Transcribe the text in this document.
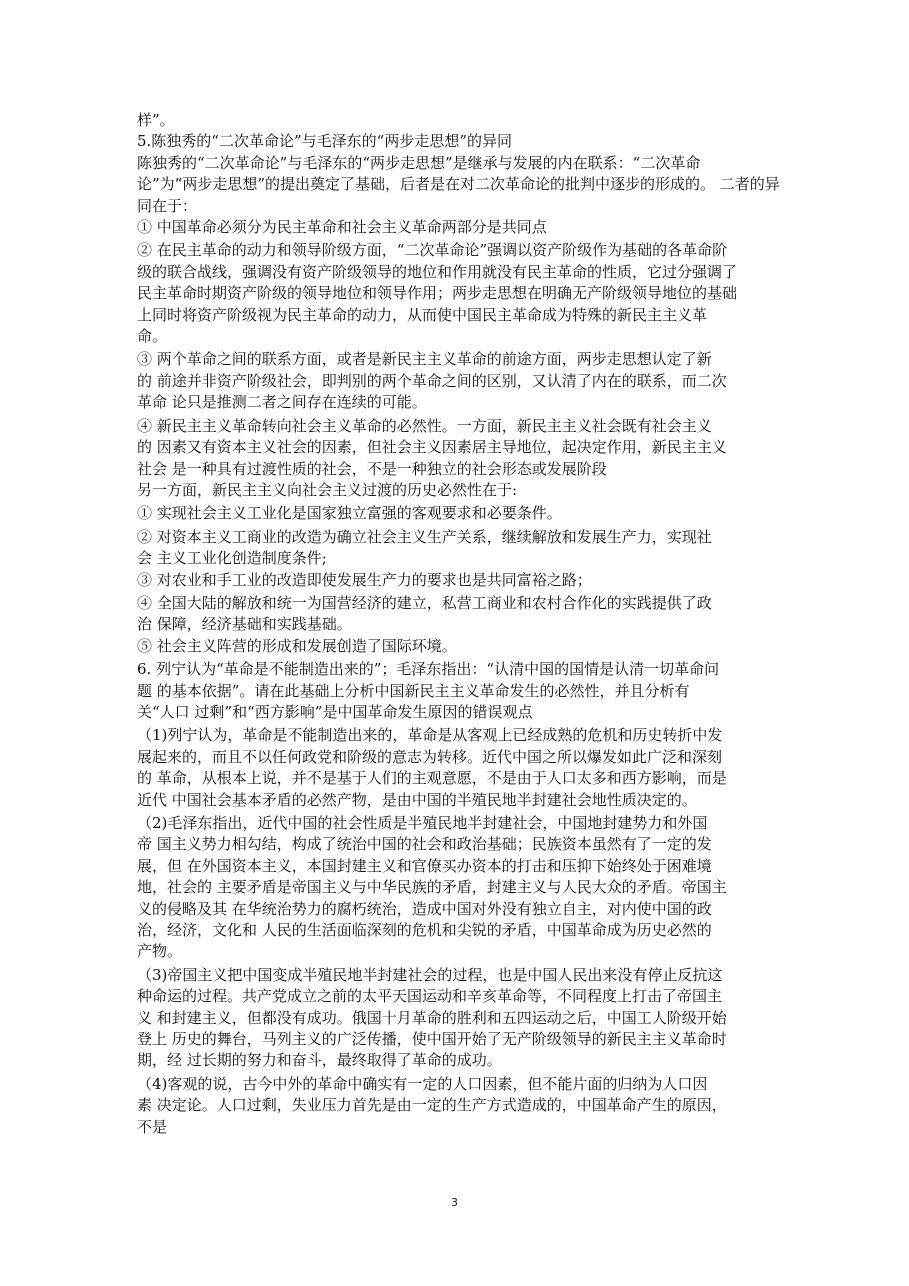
样”。
5.陈独秀的“二次革命论”与毛泽东的“两步走思想”的异同
陈独秀的“二次革命论”与毛泽东的“两步走思想”是继承与发展的内在联系：“二次革命
论”为“两步走思想”的提出奠定了基础，后者是在对二次革命论的批判中逐步的形成的。 二者的异同在于：
① 中国革命必须分为民主革命和社会主义革命两部分是共同点
② 在民主革命的动力和领导阶级方面，“二次革命论”强调以资产阶级作为基础的各革命阶
级的联合战线，强调没有资产阶级领导的地位和作用就没有民主革命的性质，它过分强调了
民主革命时期资产阶级的领导地位和领导作用；两步走思想在明确无产阶级领导地位的基础
上同时将资产阶级视为民主革命的动力，从而使中国民主革命成为特殊的新民主主义革
命。
③ 两个革命之间的联系方面，或者是新民主主义革命的前途方面，两步走思想认定了新
的 前途并非资产阶级社会，即判别的两个革命之间的区别，又认清了内在的联系，而二次
革命 论只是推测二者之间存在连续的可能。
④ 新民主主义革命转向社会主义革命的必然性。一方面，新民主主义社会既有社会主义
的 因素又有资本主义社会的因素，但社会主义因素居主导地位，起决定作用，新民主主义
社会 是一种具有过渡性质的社会，不是一种独立的社会形态或发展阶段
另一方面，新民主主义向社会主义过渡的历史必然性在于:
① 实现社会主义工业化是国家独立富强的客观要求和必要条件。
② 对资本主义工商业的改造为确立社会主义生产关系，继续解放和发展生产力，实现社
会 主义工业化创造制度条件;
③ 对农业和手工业的改造即使发展生产力的要求也是共同富裕之路；
④ 全国大陆的解放和统一为国营经济的建立，私营工商业和农村合作化的实践提供了政
治 保障，经济基础和实践基础。
⑤ 社会主义阵营的形成和发展创造了国际环境。
6. 列宁认为“革命是不能制造出来的”；毛泽东指出：“认清中国的国情是认清一切革命问
题 的基本依据”。请在此基础上分析中国新民主主义革命发生的必然性，并且分析有
关“人口 过剩”和“西方影响”是中国革命发生原因的错误观点
（1)列宁认为，革命是不能制造出来的，革命是从客观上已经成熟的危机和历史转折中发
展起来的，而且不以任何政党和阶级的意志为转移。近代中国之所以爆发如此广泛和深刻
的 革命，从根本上说，并不是基于人们的主观意愿，不是由于人口太多和西方影响，而是
近代 中国社会基本矛盾的必然产物，是由中国的半殖民地半封建社会地性质决定的。
（2)毛泽东指出，近代中国的社会性质是半殖民地半封建社会，中国地封建势力和外国
帝 国主义势力相勾结，构成了统治中国的社会和政治基础；民族资本虽然有了一定的发
展，但 在外国资本主义，本国封建主义和官僚买办资本的打击和压抑下始终处于困难境
地，社会的 主要矛盾是帝国主义与中华民族的矛盾，封建主义与人民大众的矛盾。帝国主
义的侵略及其 在华统治势力的腐朽统治，造成中国对外没有独立自主，对内使中国的政
治，经济，文化和 人民的生活面临深刻的危机和尖锐的矛盾，中国革命成为历史必然的
产物。
（3)帝国主义把中国变成半殖民地半封建社会的过程，也是中国人民出来没有停止反抗这
种命运的过程。共产党成立之前的太平天国运动和辛亥革命等，不同程度上打击了帝国主
义 和封建主义，但都没有成功。俄国十月革命的胜利和五四运动之后，中国工人阶级开始
登上 历史的舞台，马列主义的广泛传播，使中国开始了无产阶级领导的新民主主义革命时
期，经 过长期的努力和奋斗，最终取得了革命的成功。
（4)客观的说，古今中外的革命中确实有一定的人口因素，但不能片面的归纳为人口因
素 决定论。人口过剩，失业压力首先是由一定的生产方式造成的，中国革命产生的原因，
不是
3
